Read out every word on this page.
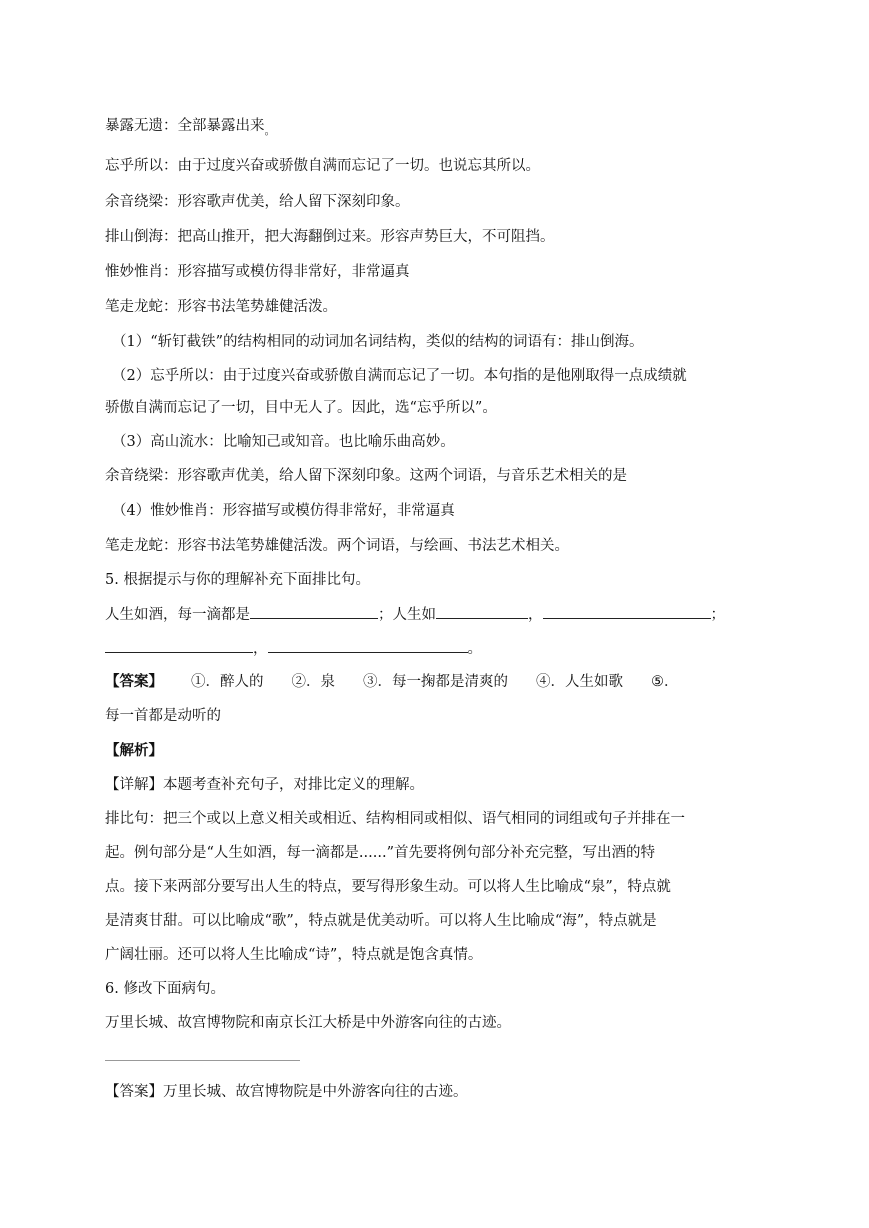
暴露无遗：全部暴露出来$_。$
忘乎所以：由于过度兴奋或骄傲自满而忘记了一切。也说忘其所以。
余音绕梁：形容歌声优美，给人留下深刻印象。
排山倒海：把高山推开，把大海翻倒过来。形容声势巨大，不可阻挡。
惟妙惟肖：形容描写或模仿得非常好，非常逼真
笔走龙蛇：形容书法笔势雄健活泼。
（1）“斩钉截铁”的结构相同的动词加名词结构，类似的结构的词语有：排山倒海。
（2）忘乎所以：由于过度兴奋或骄傲自满而忘记了一切。本句指的是他刚取得一点成绩就
骄傲自满而忘记了一切，目中无人了。因此，选“忘乎所以”。
（3）高山流水：比喻知己或知音。也比喻乐曲高妙。
余音绕梁：形容歌声优美，给人留下深刻印象。这两个词语，与音乐艺术相关的是
（4）惟妙惟肖：形容描写或模仿得非常好，非常逼真
笔走龙蛇：形容书法笔势雄健活泼。两个词语，与绘画、书法艺术相关。
5. 根据提示与你的理解补充下面排比句。
人生如酒，每一滴都是	；人生如	，	；
，	。
【答案】 ①．醉人的 ②．泉 ③．每一掬都是清爽的 ④．人生如歌 ⑤．
每一首都是动听的
【解析】
【详解】本题考查补充句子，对排比定义的理解。
排比句：把三个或以上意义相关或相近、结构相同或相似、语气相同的词组或句子并排在一
起。例句部分是“人生如酒，每一滴都是......”首先要将例句部分补充完整，写出酒的特
点。接下来两部分要写出人生的特点，要写得形象生动。可以将人生比喻成“泉”，特点就
是清爽甘甜。可以比喻成“歌”，特点就是优美动听。可以将人生比喻成“海”，特点就是
广阔壮丽。还可以将人生比喻成“诗”，特点就是饱含真情。
6. 修改下面病句。
万里长城、故宫博物院和南京长江大桥是中外游客向往的古迹。
【答案】万里长城、故宫博物院是中外游客向往的古迹。
